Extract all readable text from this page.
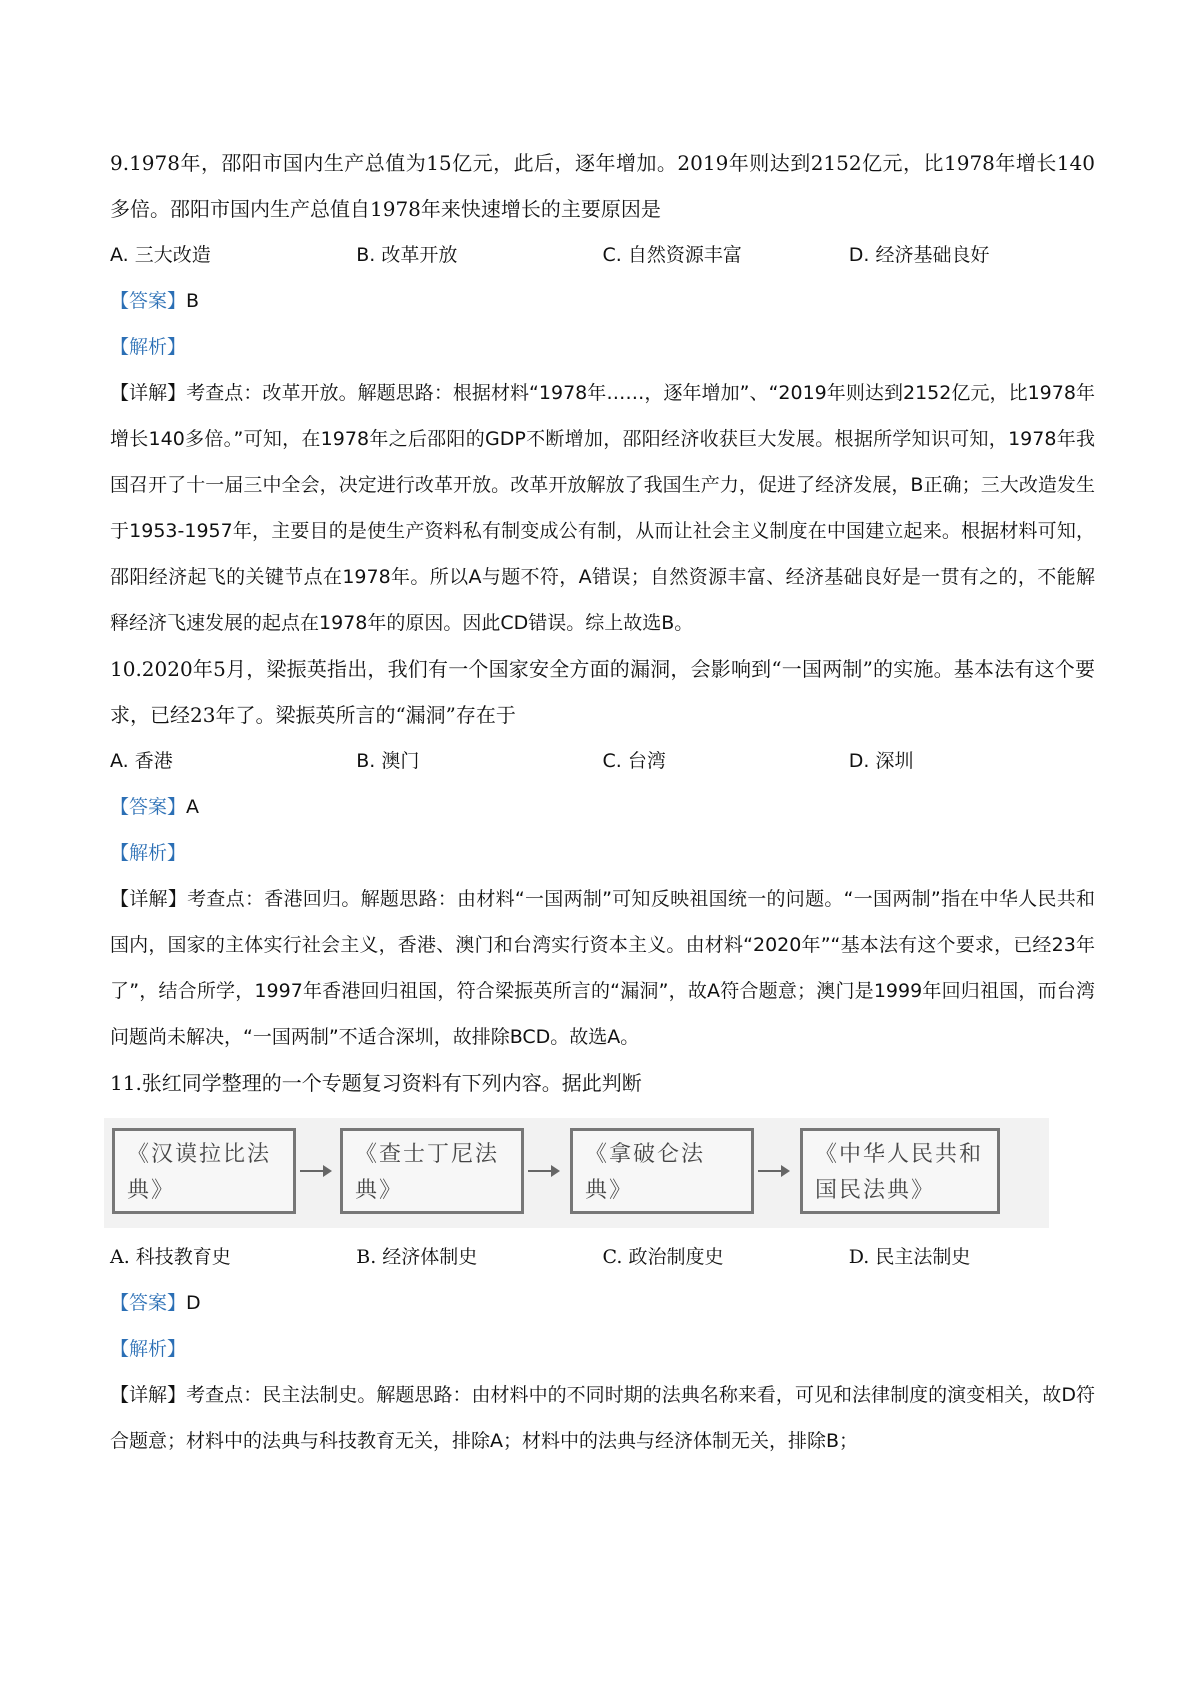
9.1978年，邵阳市国内生产总值为15亿元，此后，逐年增加。2019年则达到2152亿元，比1978年增长140多倍。邵阳市国内生产总值自1978年来快速增长的主要原因是

A. 三大改造	B. 改革开放	C. 自然资源丰富	D. 经济基础良好

【答案】B

【解析】

【详解】考查点：改革开放。解题思路：根据材料“1978年……，逐年增加”、“2019年则达到2152亿元，比1978年增长140多倍。”可知，在1978年之后邵阳的GDP不断增加，邵阳经济收获巨大发展。根据所学知识可知，1978年我国召开了十一届三中全会，决定进行改革开放。改革开放解放了我国生产力，促进了经济发展，B正确；三大改造发生于1953-1957年，主要目的是使生产资料私有制变成公有制，从而让社会主义制度在中国建立起来。根据材料可知，邵阳经济起飞的关键节点在1978年。所以A与题不符，A错误；自然资源丰富、经济基础良好是一贯有之的，不能解释经济飞速发展的起点在1978年的原因。因此CD错误。综上故选B。

10.2020年5月，梁振英指出，我们有一个国家安全方面的漏洞，会影响到“一国两制”的实施。基本法有这个要求，已经23年了。梁振英所言的“漏洞”存在于

A. 香港	B. 澳门	C. 台湾	D. 深圳

【答案】A

【解析】

【详解】考查点：香港回归。解题思路：由材料“一国两制”可知反映祖国统一的问题。“一国两制”指在中华人民共和国内，国家的主体实行社会主义，香港、澳门和台湾实行资本主义。由材料“2020年”“基本法有这个要求，已经23年了”，结合所学，1997年香港回归祖国，符合梁振英所言的“漏洞”，故A符合题意；澳门是1999年回归祖国，而台湾问题尚未解决，“一国两制”不适合深圳，故排除BCD。故选A。

11.张红同学整理的一个专题复习资料有下列内容。据此判断

《汉谟拉比法典》
《查士丁尼法典》
《拿破仑法典》
《中华人民共和国民法典》
A. 科技教育史	B. 经济体制史	C. 政治制度史	D. 民主法制史

【答案】D

【解析】

【详解】考查点：民主法制史。解题思路：由材料中的不同时期的法典名称来看，可见和法律制度的演变相关，故D符合题意；材料中的法典与科技教育无关，排除A；材料中的法典与经济体制无关，排除B；
